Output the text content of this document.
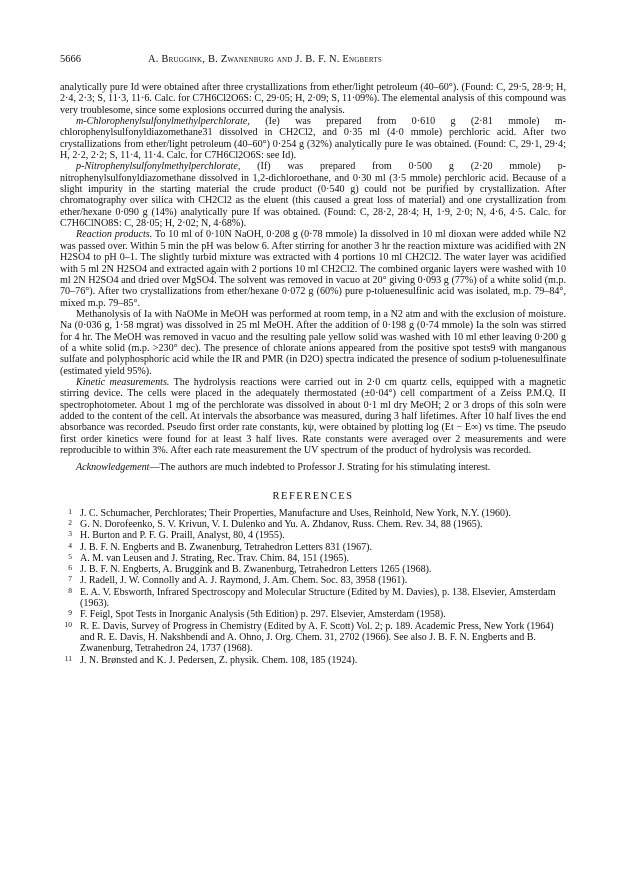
5666	A. Bruggink, B. Zwanenburg and J. B. F. N. Engberts

analytically pure Id were obtained after three crystallizations from ether/light petroleum (40–60°). (Found: C, 29·5, 28·9; H, 2·4, 2·3; S, 11·3, 11·6. Calc. for C7H6Cl2O6S: C, 29·05; H, 2·09; S, 11·09%). The elemental analysis of this compound was very troublesome, since some explosions occurred during the analysis.

m-Chlorophenylsulfonylmethylperchlorate, (Ie) was prepared from 0·610 g (2·81 mmole) m-chlorophenylsulfonyldiazomethane31 dissolved in CH2Cl2, and 0·35 ml (4·0 mmole) perchloric acid. After two crystallizations from ether/light petroleum (40–60°) 0·254 g (32%) analytically pure Ie was obtained. (Found: C, 29·1, 29·4; H, 2·2, 2·2; S, 11·4, 11·4. Calc. for C7H6Cl2O6S: see Id).

p-Nitrophenylsulfonylmethylperchlorate, (If) was prepared from 0·500 g (2·20 mmole) p-nitrophenylsulfonyldiazomethane dissolved in 1,2-dichloroethane, and 0·30 ml (3·5 mmole) perchloric acid. Because of a slight impurity in the starting material the crude product (0·540 g) could not be purified by crystallization. After chromatography over silica with CH2Cl2 as the eluent (this caused a great loss of material) and one crystallization from ether/hexane 0·090 g (14%) analytically pure If was obtained. (Found: C, 28·2, 28·4; H, 1·9, 2·0; N, 4·6, 4·5. Calc. for C7H6ClNO8S: C, 28·05; H, 2·02; N, 4·68%).

Reaction products. To 10 ml of 0·10N NaOH, 0·208 g (0·78 mmole) Ia dissolved in 10 ml dioxan were added while N2 was passed over. Within 5 min the pH was below 6. After stirring for another 3 hr the reaction mixture was acidified with 2N H2SO4 to pH 0–1. The slightly turbid mixture was extracted with 4 portions 10 ml CH2Cl2. The water layer was acidified with 5 ml 2N H2SO4 and extracted again with 2 portions 10 ml CH2Cl2. The combined organic layers were washed with 10 ml 2N H2SO4 and dried over MgSO4. The solvent was removed in vacuo at 20° giving 0·093 g (77%) of a white solid (m.p. 70–76°). After two crystallizations from ether/hexane 0·072 g (60%) pure p-toluenesulfinic acid was isolated, m.p. 79–84°, mixed m.p. 79–85°.

Methanolysis of Ia with NaOMe in MeOH was performed at room temp, in a N2 atm and with the exclusion of moisture. Na (0·036 g, 1·58 mgrat) was dissolved in 25 ml MeOH. After the addition of 0·198 g (0·74 mmole) Ia the soln was stirred for 4 hr. The MeOH was removed in vacuo and the resulting pale yellow solid was washed with 10 ml ether leaving 0·200 g of a white solid (m.p. >230° dec). The presence of chlorate anions appeared from the positive spot tests9 with manganous sulfate and polyphosphoric acid while the IR and PMR (in D2O) spectra indicated the presence of sodium p-toluenesulfinate (estimated yield 95%).

Kinetic measurements. The hydrolysis reactions were carried out in 2·0 cm quartz cells, equipped with a magnetic stirring device. The cells were placed in the adequately thermostated (±0·04°) cell compartment of a Zeiss P.M.Q. II spectrophotometer. About 1 mg of the perchlorate was dissolved in about 0·1 ml dry MeOH; 2 or 3 drops of this soln were added to the content of the cell. At intervals the absorbance was measured, during 3 half lifetimes. After 10 half lives the end absorbance was recorded. Pseudo first order rate constants, kψ, were obtained by plotting log (Et − E∞) vs time. The pseudo first order kinetics were found for at least 3 half lives. Rate constants were averaged over 2 measurements and were reproducible to within 3%. After each rate measurement the UV spectrum of the product of hydrolysis was recorded.

Acknowledgement—The authors are much indebted to Professor J. Strating for his stimulating interest.

REFERENCES
1 J. C. Schumacher, Perchlorates; Their Properties, Manufacture and Uses, Reinhold, New York, N.Y. (1960).
2 G. N. Dorofeenko, S. V. Krivun, V. I. Dulenko and Yu. A. Zhdanov, Russ. Chem. Rev. 34, 88 (1965).
3 H. Burton and P. F. G. Praill, Analyst, 80, 4 (1955).
4 J. B. F. N. Engberts and B. Zwanenburg, Tetrahedron Letters 831 (1967).
5 A. M. van Leusen and J. Strating, Rec. Trav. Chim. 84, 151 (1965).
6 J. B. F. N. Engberts, A. Bruggink and B. Zwanenburg, Tetrahedron Letters 1265 (1968).
7 J. Radell, J. W. Connolly and A. J. Raymond, J. Am. Chem. Soc. 83, 3958 (1961).
8 E. A. V. Ebsworth, Infrared Spectroscopy and Molecular Structure (Edited by M. Davies), p. 138. Elsevier, Amsterdam (1963).
9 F. Feigl, Spot Tests in Inorganic Analysis (5th Edition) p. 297. Elsevier, Amsterdam (1958).
10 R. E. Davis, Survey of Progress in Chemistry (Edited by A. F. Scott) Vol. 2; p. 189. Academic Press, New York (1964) and R. E. Davis, H. Nakshbendi and A. Ohno, J. Org. Chem. 31, 2702 (1966). See also J. B. F. N. Engberts and B. Zwanenburg, Tetrahedron 24, 1737 (1968).
11 J. N. Brønsted and K. J. Pedersen, Z. physik. Chem. 108, 185 (1924).
